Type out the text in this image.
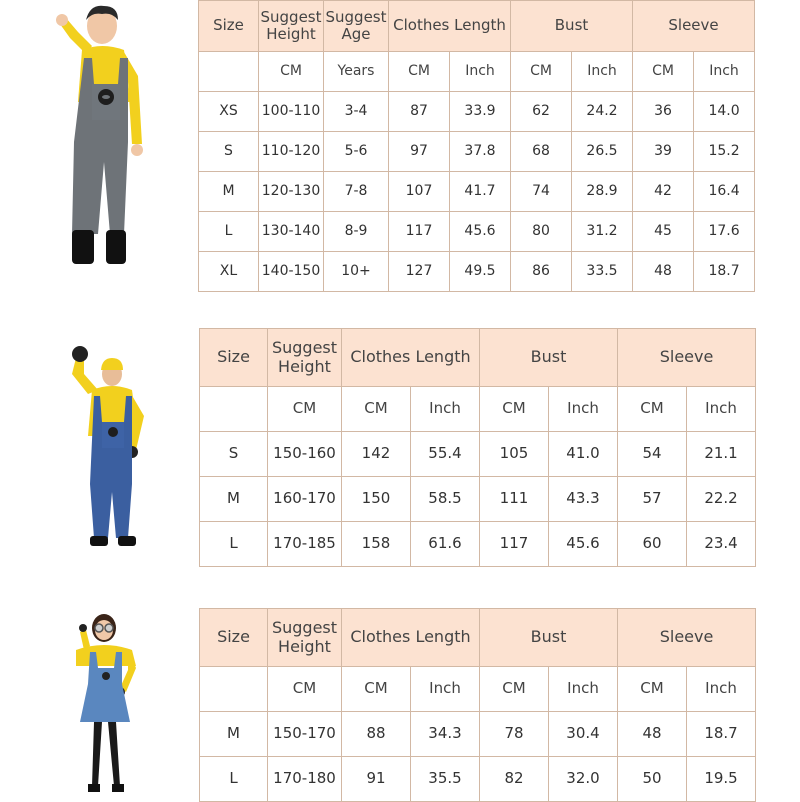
Size	Suggest Height	Suggest Age	Clothes Length		Bust		Sleeve	
	CM	Years	CM	Inch	CM	Inch	CM	Inch
XS	100-110	3-4	87	33.9	62	24.2	36	14.0
S	110-120	5-6	97	37.8	68	26.5	39	15.2
M	120-130	7-8	107	41.7	74	28.9	42	16.4
L	130-140	8-9	117	45.6	80	31.2	45	17.6
XL	140-150	10+	127	49.5	86	33.5	48	18.7
Size	Suggest Height	Clothes Length		Bust		Sleeve	
	CM	CM	Inch	CM	Inch	CM	Inch
S	150-160	142	55.4	105	41.0	54	21.1
M	160-170	150	58.5	111	43.3	57	22.2
L	170-185	158	61.6	117	45.6	60	23.4
Size	Suggest Height	Clothes Length		Bust		Sleeve	
	CM	CM	Inch	CM	Inch	CM	Inch
M	150-170	88	34.3	78	30.4	48	18.7
L	170-180	91	35.5	82	32.0	50	19.5
